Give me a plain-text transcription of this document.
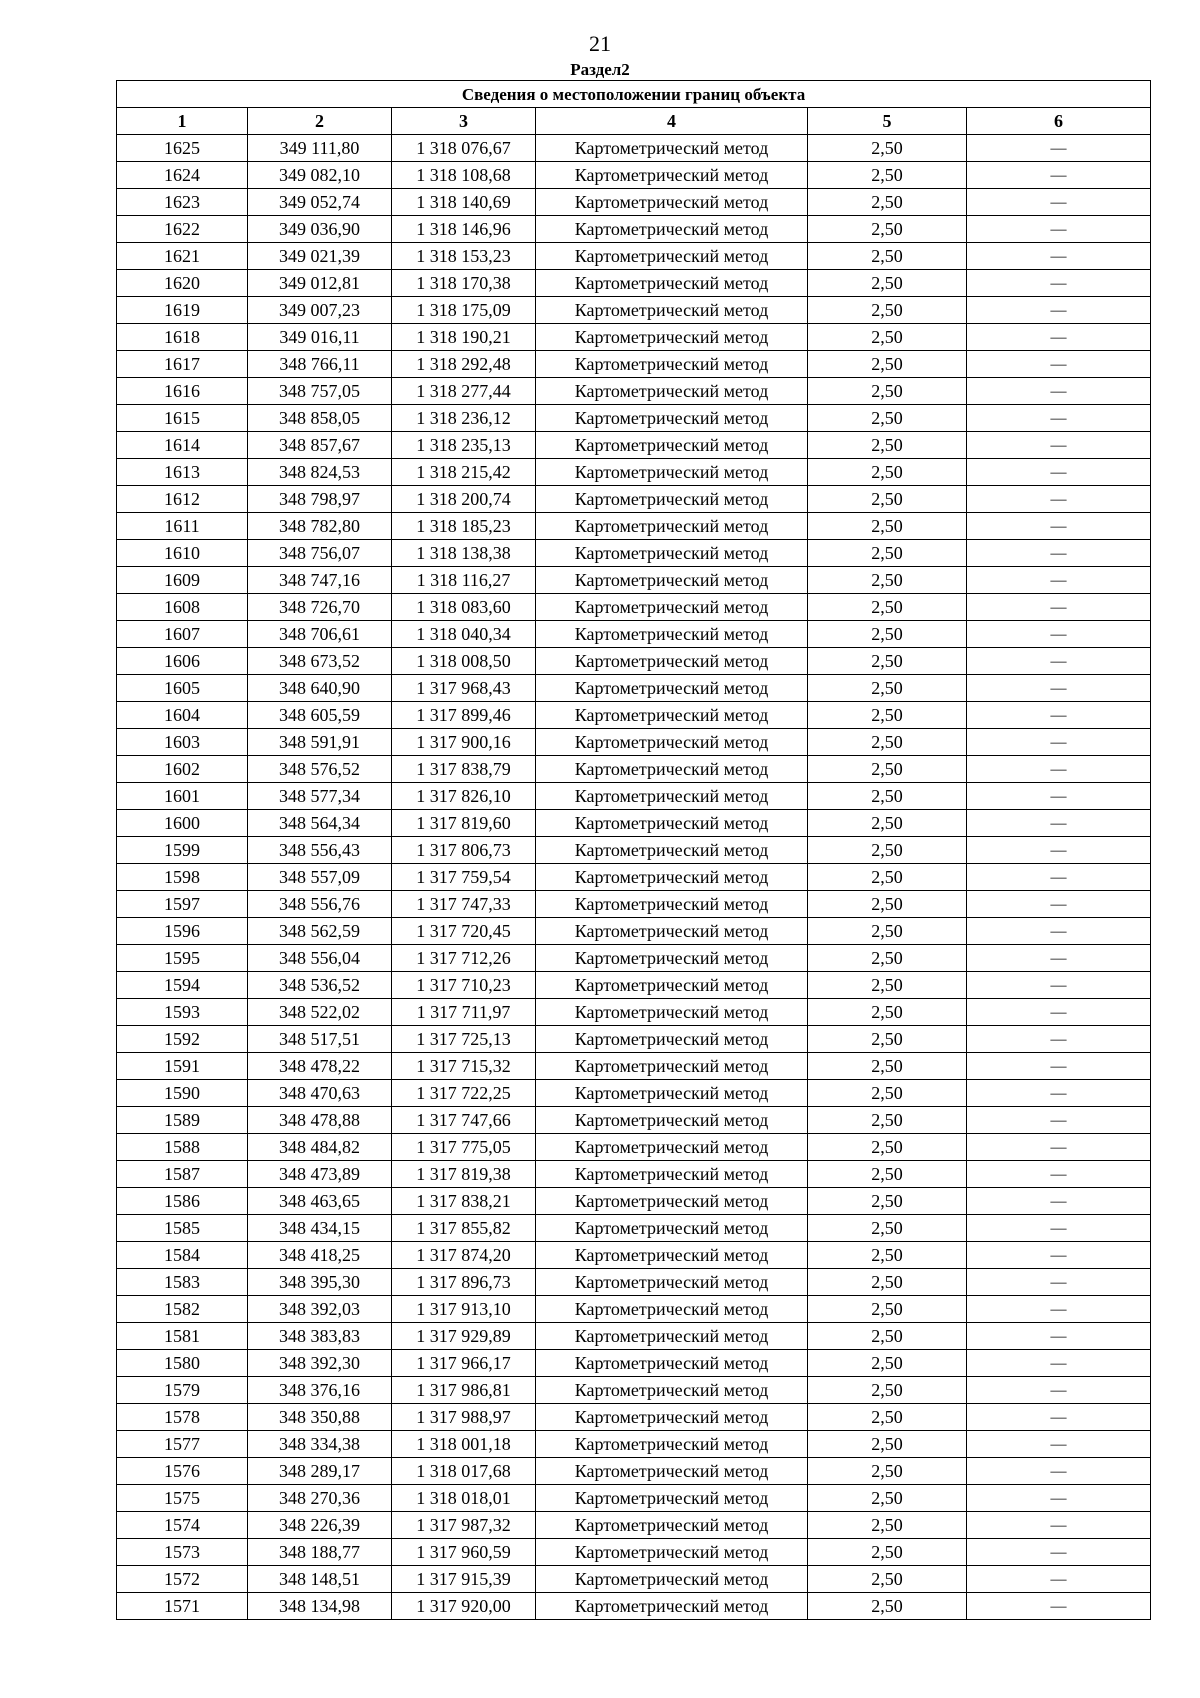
21
Раздел2
Сведения о местоположении границ объекта					
1	2	3	4	5	6
1625	349 111,80	1 318 076,67	Картометрический метод	2,50	—
1624	349 082,10	1 318 108,68	Картометрический метод	2,50	—
1623	349 052,74	1 318 140,69	Картометрический метод	2,50	—
1622	349 036,90	1 318 146,96	Картометрический метод	2,50	—
1621	349 021,39	1 318 153,23	Картометрический метод	2,50	—
1620	349 012,81	1 318 170,38	Картометрический метод	2,50	—
1619	349 007,23	1 318 175,09	Картометрический метод	2,50	—
1618	349 016,11	1 318 190,21	Картометрический метод	2,50	—
1617	348 766,11	1 318 292,48	Картометрический метод	2,50	—
1616	348 757,05	1 318 277,44	Картометрический метод	2,50	—
1615	348 858,05	1 318 236,12	Картометрический метод	2,50	—
1614	348 857,67	1 318 235,13	Картометрический метод	2,50	—
1613	348 824,53	1 318 215,42	Картометрический метод	2,50	—
1612	348 798,97	1 318 200,74	Картометрический метод	2,50	—
1611	348 782,80	1 318 185,23	Картометрический метод	2,50	—
1610	348 756,07	1 318 138,38	Картометрический метод	2,50	—
1609	348 747,16	1 318 116,27	Картометрический метод	2,50	—
1608	348 726,70	1 318 083,60	Картометрический метод	2,50	—
1607	348 706,61	1 318 040,34	Картометрический метод	2,50	—
1606	348 673,52	1 318 008,50	Картометрический метод	2,50	—
1605	348 640,90	1 317 968,43	Картометрический метод	2,50	—
1604	348 605,59	1 317 899,46	Картометрический метод	2,50	—
1603	348 591,91	1 317 900,16	Картометрический метод	2,50	—
1602	348 576,52	1 317 838,79	Картометрический метод	2,50	—
1601	348 577,34	1 317 826,10	Картометрический метод	2,50	—
1600	348 564,34	1 317 819,60	Картометрический метод	2,50	—
1599	348 556,43	1 317 806,73	Картометрический метод	2,50	—
1598	348 557,09	1 317 759,54	Картометрический метод	2,50	—
1597	348 556,76	1 317 747,33	Картометрический метод	2,50	—
1596	348 562,59	1 317 720,45	Картометрический метод	2,50	—
1595	348 556,04	1 317 712,26	Картометрический метод	2,50	—
1594	348 536,52	1 317 710,23	Картометрический метод	2,50	—
1593	348 522,02	1 317 711,97	Картометрический метод	2,50	—
1592	348 517,51	1 317 725,13	Картометрический метод	2,50	—
1591	348 478,22	1 317 715,32	Картометрический метод	2,50	—
1590	348 470,63	1 317 722,25	Картометрический метод	2,50	—
1589	348 478,88	1 317 747,66	Картометрический метод	2,50	—
1588	348 484,82	1 317 775,05	Картометрический метод	2,50	—
1587	348 473,89	1 317 819,38	Картометрический метод	2,50	—
1586	348 463,65	1 317 838,21	Картометрический метод	2,50	—
1585	348 434,15	1 317 855,82	Картометрический метод	2,50	—
1584	348 418,25	1 317 874,20	Картометрический метод	2,50	—
1583	348 395,30	1 317 896,73	Картометрический метод	2,50	—
1582	348 392,03	1 317 913,10	Картометрический метод	2,50	—
1581	348 383,83	1 317 929,89	Картометрический метод	2,50	—
1580	348 392,30	1 317 966,17	Картометрический метод	2,50	—
1579	348 376,16	1 317 986,81	Картометрический метод	2,50	—
1578	348 350,88	1 317 988,97	Картометрический метод	2,50	—
1577	348 334,38	1 318 001,18	Картометрический метод	2,50	—
1576	348 289,17	1 318 017,68	Картометрический метод	2,50	—
1575	348 270,36	1 318 018,01	Картометрический метод	2,50	—
1574	348 226,39	1 317 987,32	Картометрический метод	2,50	—
1573	348 188,77	1 317 960,59	Картометрический метод	2,50	—
1572	348 148,51	1 317 915,39	Картометрический метод	2,50	—
1571	348 134,98	1 317 920,00	Картометрический метод	2,50	—
